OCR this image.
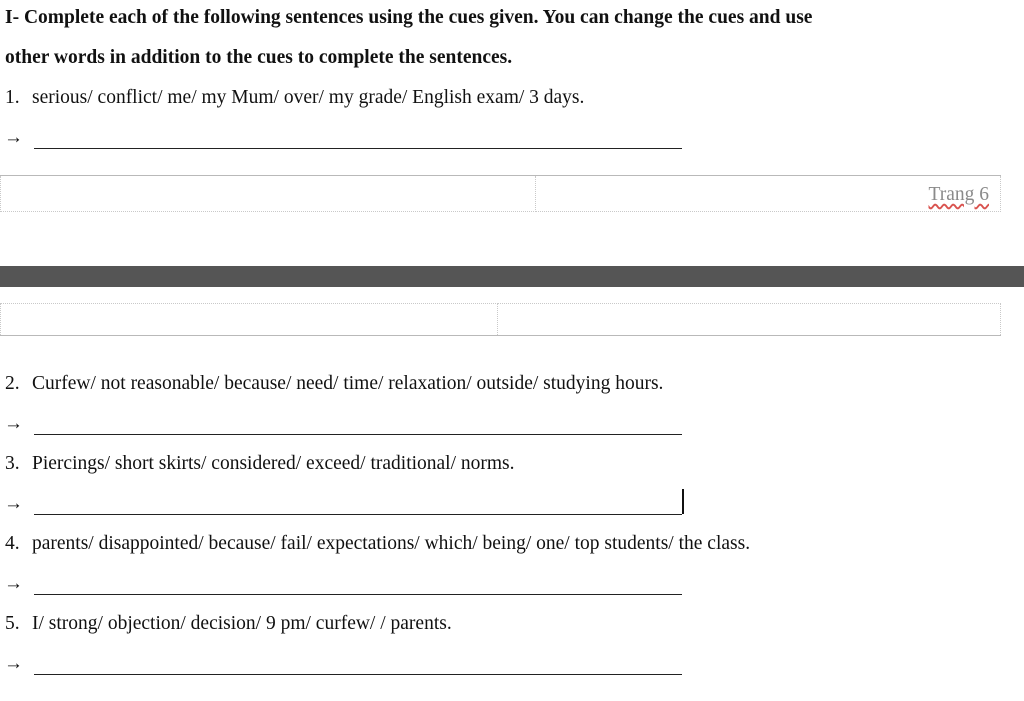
I- Complete each of the following sentences using the cues given. You can change the cues and use
other words in addition to the cues to complete the sentences.
1. serious/ conflict/ me/ my Mum/ over/ my grade/ English exam/ 3 days.
→
Trang 6
2. Curfew/ not reasonable/ because/ need/ time/ relaxation/ outside/ studying hours.
→
3. Piercings/ short skirts/ considered/ exceed/ traditional/ norms.
→
4. parents/ disappointed/ because/ fail/ expectations/ which/ being/ one/ top students/ the class.
→
5. I/ strong/ objection/ decision/ 9 pm/ curfew/ / parents.
→
